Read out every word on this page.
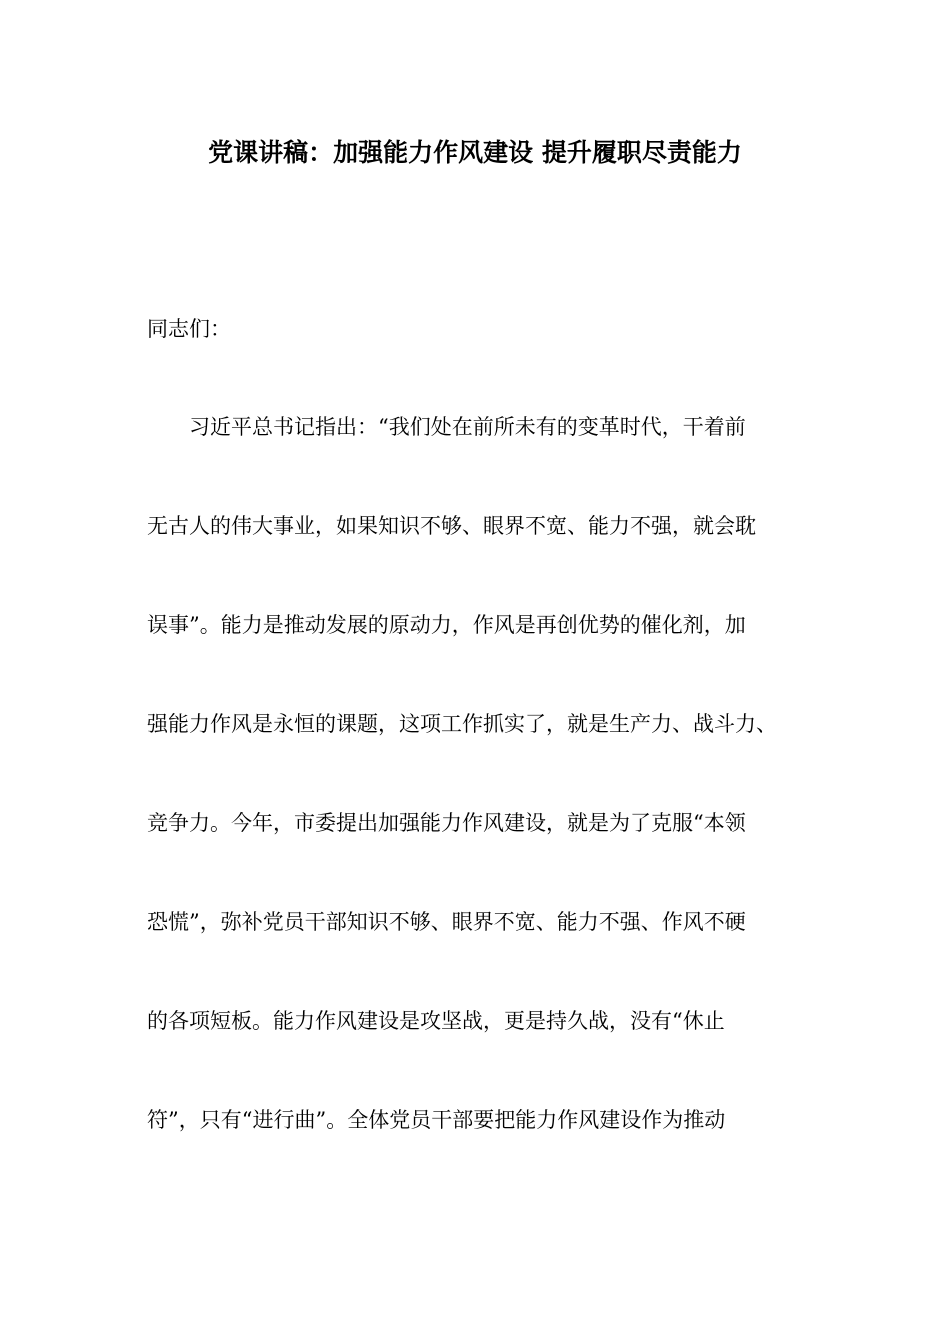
党课讲稿：加强能力作风建设 提升履职尽责能力
同志们：
　　习近平总书记指出：“我们处在前所未有的变革时代，干着前
无古人的伟大事业，如果知识不够、眼界不宽、能力不强，就会耽
误事”。能力是推动发展的原动力，作风是再创优势的催化剂，加
强能力作风是永恒的课题，这项工作抓实了，就是生产力、战斗力、
竞争力。今年，市委提出加强能力作风建设，就是为了克服“本领
恐慌”，弥补党员干部知识不够、眼界不宽、能力不强、作风不硬
的各项短板。能力作风建设是攻坚战，更是持久战，没有“休止
符”，只有“进行曲”。全体党员干部要把能力作风建设作为推动
